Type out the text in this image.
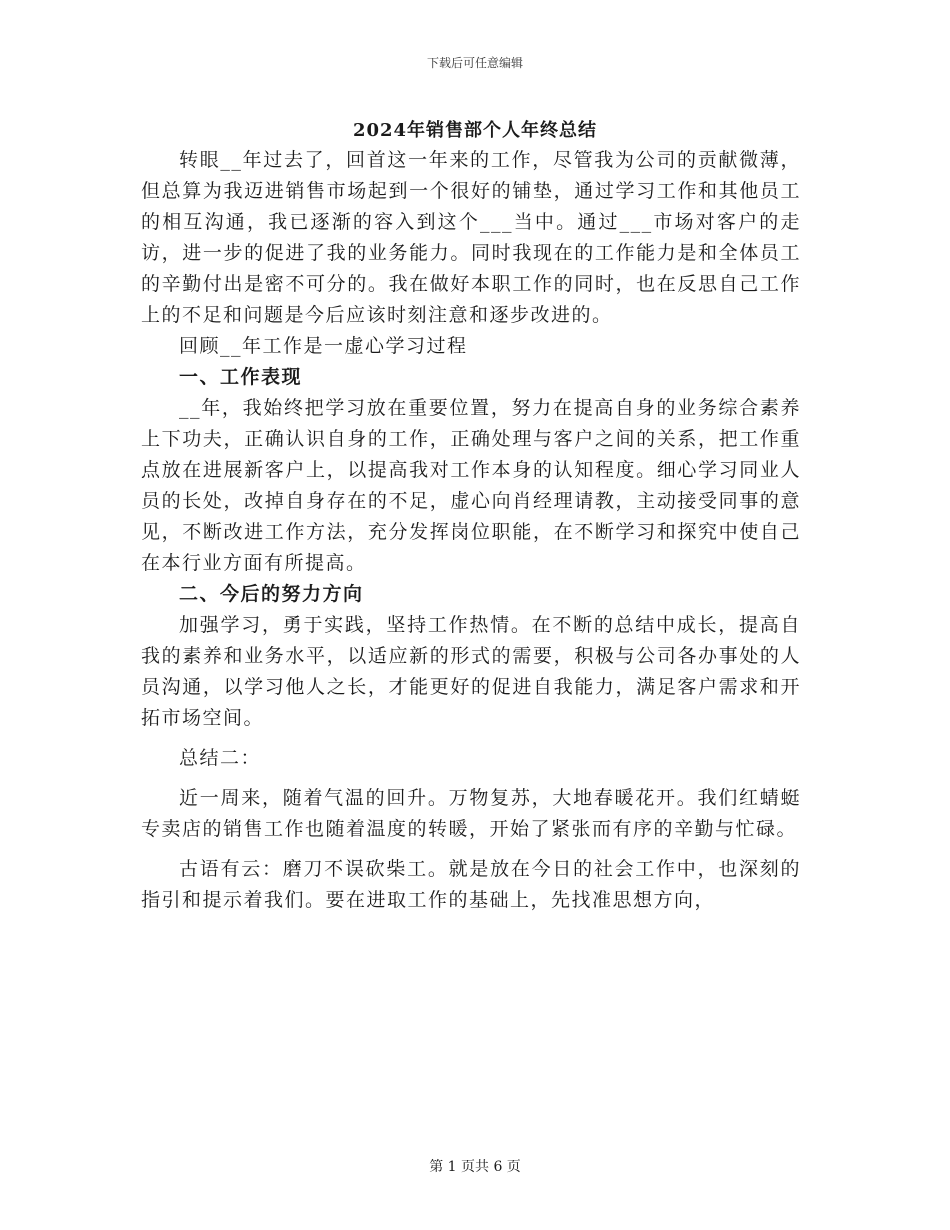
下载后可任意编辑
2024年销售部个人年终总结

转眼__年过去了，回首这一年来的工作，尽管我为公司的贡献微薄，但总算为我迈进销售市场起到一个很好的铺垫，通过学习工作和其他员工的相互沟通，我已逐渐的容入到这个___当中。通过___市场对客户的走访，进一步的促进了我的业务能力。同时我现在的工作能力是和全体员工的辛勤付出是密不可分的。我在做好本职工作的同时，也在反思自己工作上的不足和问题是今后应该时刻注意和逐步改进的。

回顾__年工作是一虚心学习过程

一、工作表现

__年，我始终把学习放在重要位置，努力在提高自身的业务综合素养上下功夫，正确认识自身的工作，正确处理与客户之间的关系，把工作重点放在进展新客户上，以提高我对工作本身的认知程度。细心学习同业人员的长处，改掉自身存在的不足，虚心向肖经理请教，主动接受同事的意见，不断改进工作方法，充分发挥岗位职能，在不断学习和探究中使自己在本行业方面有所提高。

二、今后的努力方向

加强学习，勇于实践，坚持工作热情。在不断的总结中成长，提高自我的素养和业务水平，以适应新的形式的需要，积极与公司各办事处的人员沟通，以学习他人之长，才能更好的促进自我能力，满足客户需求和开拓市场空间。

总结二：

近一周来，随着气温的回升。万物复苏，大地春暖花开。我们红蜻蜓专卖店的销售工作也随着温度的转暖，开始了紧张而有序的辛勤与忙碌。

古语有云：磨刀不误砍柴工。就是放在今日的社会工作中，也深刻的指引和提示着我们。要在进取工作的基础上，先找准思想方向，

第 1 页共 6 页
